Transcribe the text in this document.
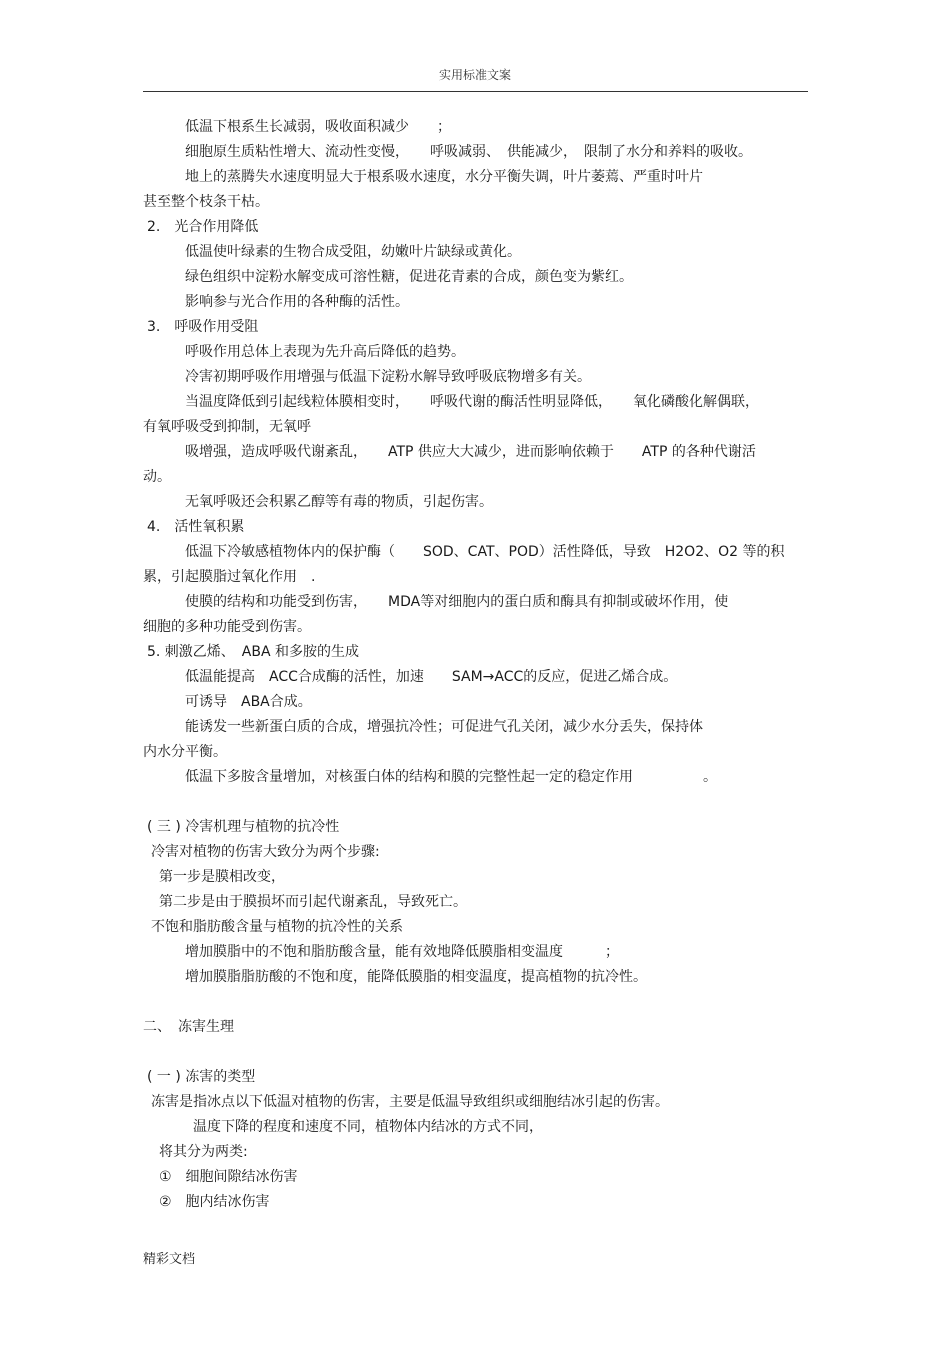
实用标准文案
低温下根系生长减弱，吸收面积减少　　；
细胞原生质粘性增大、流动性变慢，　　呼吸减弱、　供能减少，　限制了水分和养料的吸收。
地上的蒸腾失水速度明显大于根系吸水速度，水分平衡失调，叶片萎蔫、严重时叶片
甚至整个枝条干枯。
2.　光合作用降低
低温使叶绿素的生物合成受阻，幼嫩叶片缺绿或黄化。
绿色组织中淀粉水解变成可溶性糖，促进花青素的合成，颜色变为紫红。
影响参与光合作用的各种酶的活性。
3.　呼吸作用受阻
呼吸作用总体上表现为先升高后降低的趋势。
冷害初期呼吸作用增强与低温下淀粉水解导致呼吸底物增多有关。
当温度降低到引起线粒体膜相变时，　　呼吸代谢的酶活性明显降低，　　氧化磷酸化解偶联，
有氧呼吸受到抑制，无氧呼
吸增强，造成呼吸代谢紊乱，　　ATP 供应大大减少，进而影响依赖于　　ATP 的各种代谢活
动。
无氧呼吸还会积累乙醇等有毒的物质，引起伤害。
4.　活性氧积累
低温下冷敏感植物体内的保护酶（　　SOD、CAT、POD）活性降低，导致　H2O2、O2 等的积
累，引起膜脂过氧化作用　.
使膜的结构和功能受到伤害，　　MDA等对细胞内的蛋白质和酶具有抑制或破坏作用，使
细胞的多种功能受到伤害。
5. 刺激乙烯、　ABA 和多胺的生成
低温能提高　ACC合成酶的活性，加速　　SAM→ACC的反应，促进乙烯合成。
可诱导　ABA合成。
能诱发一些新蛋白质的合成，增强抗冷性；可促进气孔关闭，减少水分丢失，保持体
内水分平衡。
低温下多胺含量增加，对核蛋白体的结构和膜的完整性起一定的稳定作用　　　　　。
( 三 ) 冷害机理与植物的抗冷性
冷害对植物的伤害大致分为两个步骤:
第一步是膜相改变，
第二步是由于膜损坏而引起代谢紊乱，导致死亡。
不饱和脂肪酸含量与植物的抗冷性的关系
增加膜脂中的不饱和脂肪酸含量，能有效地降低膜脂相变温度　　　；
增加膜脂脂肪酸的不饱和度，能降低膜脂的相变温度，提高植物的抗冷性。
二、　冻害生理
( 一 ) 冻害的类型
冻害是指冰点以下低温对植物的伤害，主要是低温导致组织或细胞结冰引起的伤害。
温度下降的程度和速度不同，植物体内结冰的方式不同，
将其分为两类:
①　细胞间隙结冰伤害
②　胞内结冰伤害
精彩文档
